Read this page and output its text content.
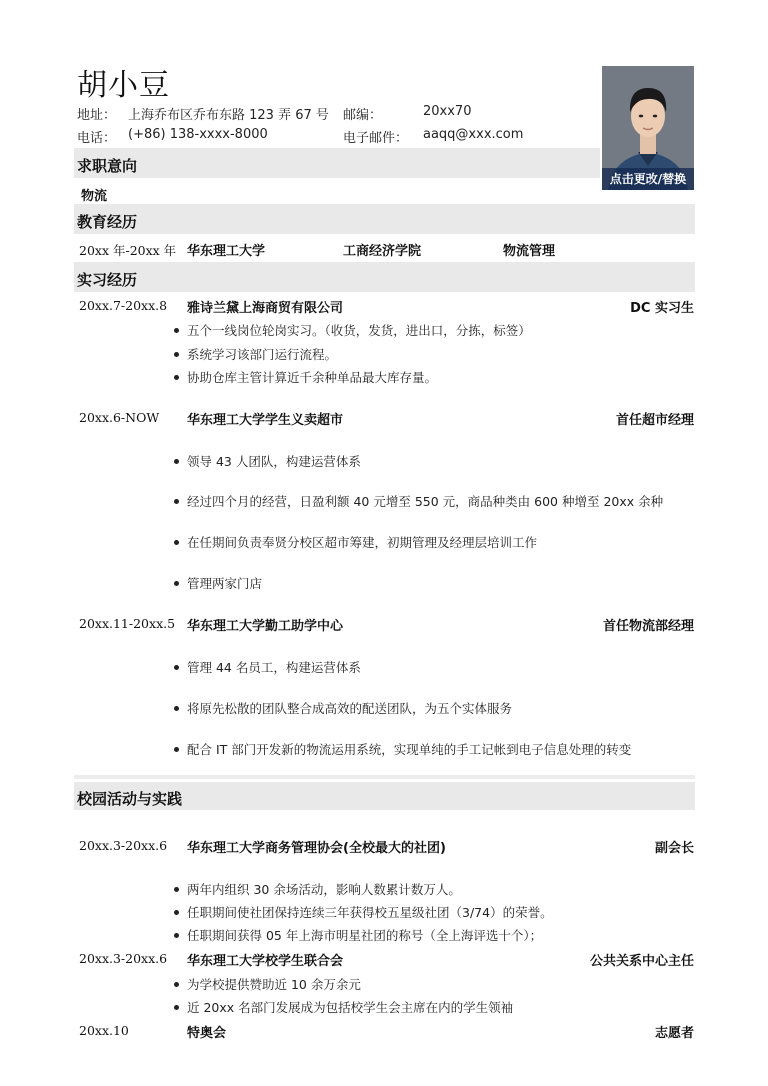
胡小豆
地址： 上海乔布区乔布东路 123 弄 67 号 邮编：	20xx70
电话： (+86) 138-xxxx-8000	电子邮件： aaqq@xxx.com
点击更改/替换
求职意向
物流
教育经历
20xx 年-20xx 年 华东理工大学	工商经济学院	物流管理
实习经历
20xx.7-20xx.8 雅诗兰黛上海商贸有限公司	DC 实习生
五个一线岗位轮岗实习。（收货，发货，进出口，分拣，标签）
系统学习该部门运行流程。
协助仓库主管计算近千余种单品最大库存量。
20xx.6-NOW 华东理工大学学生义卖超市	首任超市经理
领导 43 人团队，构建运营体系
经过四个月的经营，日盈利额 40 元增至 550 元，商品种类由 600 种增至 20xx 余种
在任期间负责奉贤分校区超市筹建，初期管理及经理层培训工作
管理两家门店
20xx.11-20xx.5 华东理工大学勤工助学中心	首任物流部经理
管理 44 名员工，构建运营体系
将原先松散的团队整合成高效的配送团队，为五个实体服务
配合 IT 部门开发新的物流运用系统，实现单纯的手工记帐到电子信息处理的转变
校园活动与实践
20xx.3-20xx.6 华东理工大学商务管理协会(全校最大的社团)	副会长
两年内组织 30 余场活动，影响人数累计数万人。
任职期间使社团保持连续三年获得校五星级社团（3/74）的荣誉。
任职期间获得 05 年上海市明星社团的称号（全上海评选十个）；
20xx.3-20xx.6 华东理工大学校学生联合会	公共关系中心主任
为学校提供赞助近 10 余万余元
近 20xx 名部门发展成为包括校学生会主席在内的学生领袖
20xx.10	特奥会	志愿者
